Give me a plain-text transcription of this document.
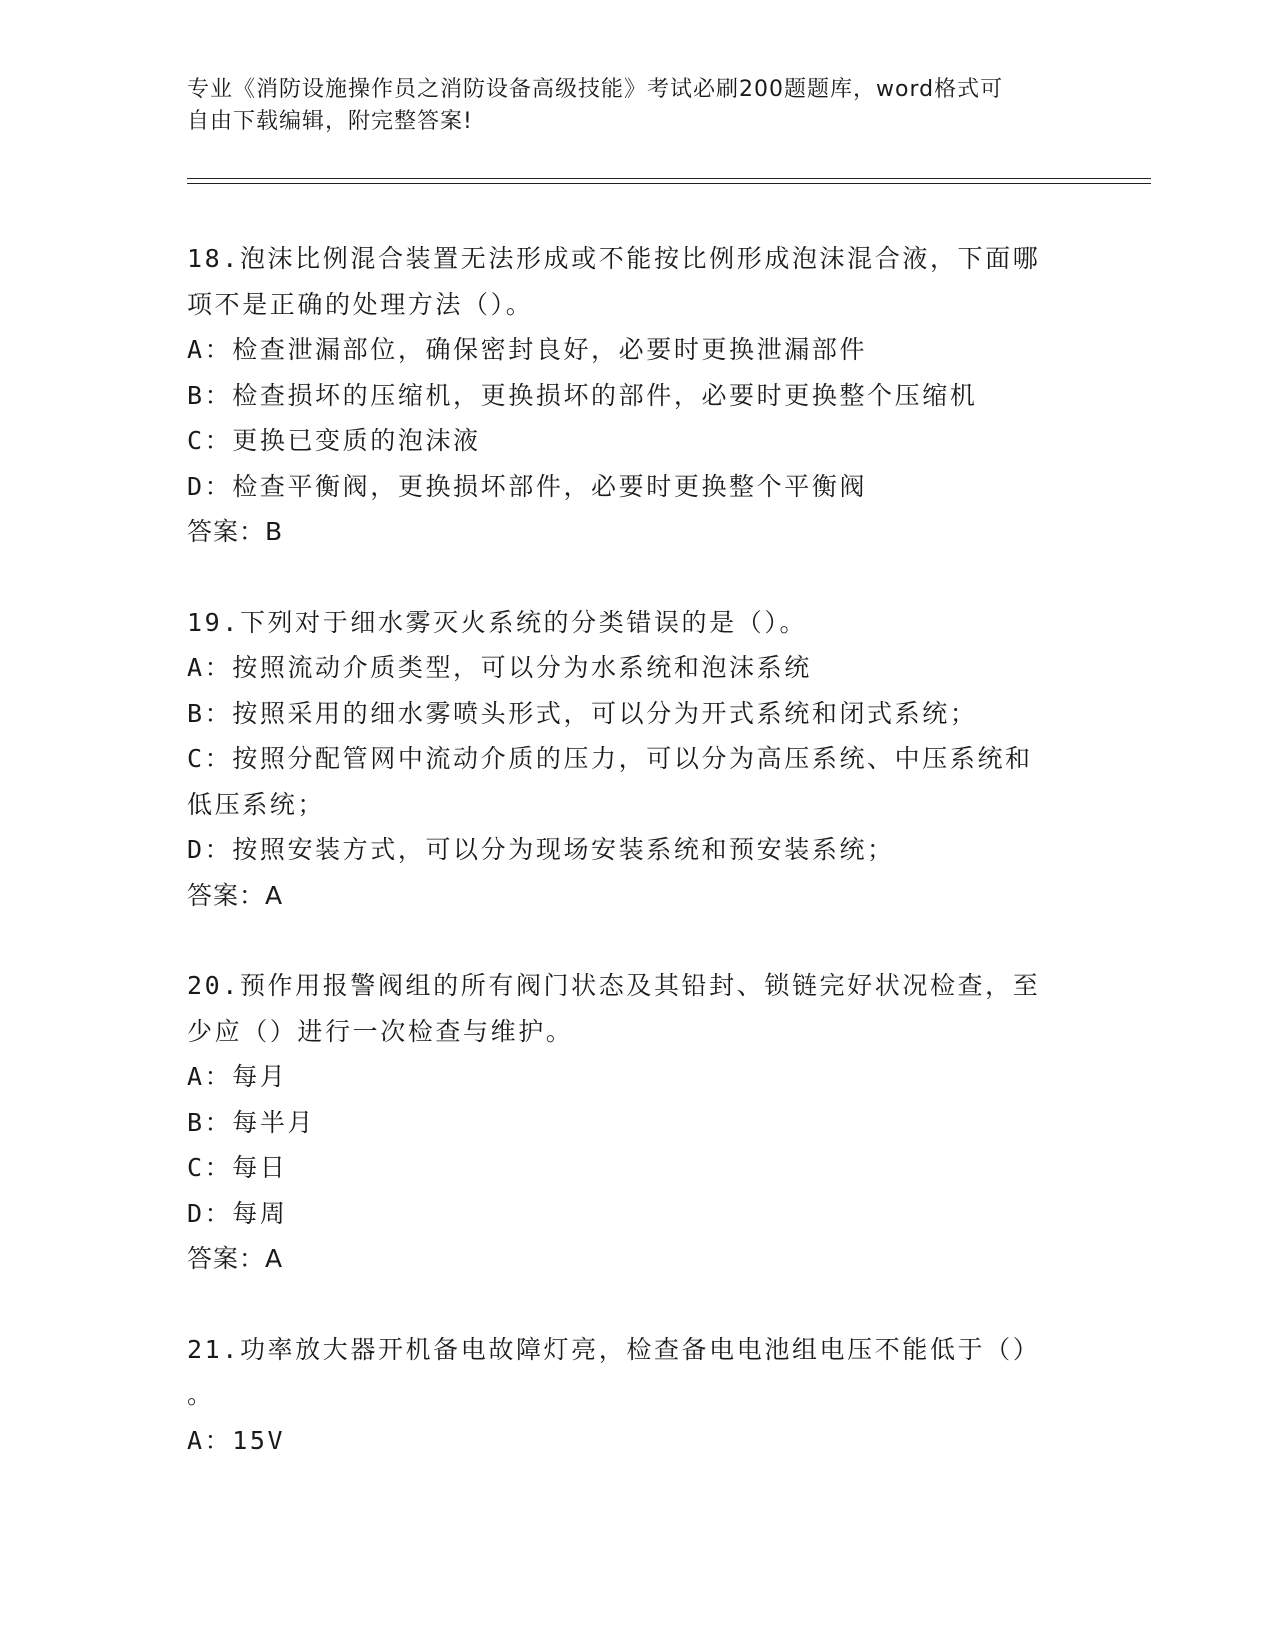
专业《消防设施操作员之消防设备高级技能》考试必刷200题题库，word格式可
自由下载编辑，附完整答案!

18.泡沫比例混合装置无法形成或不能按比例形成泡沫混合液，下面哪

项不是正确的处理方法（）。

A：检查泄漏部位，确保密封良好，必要时更换泄漏部件

B：检查损坏的压缩机，更换损坏的部件，必要时更换整个压缩机

C：更换已变质的泡沫液

D：检查平衡阀，更换损坏部件，必要时更换整个平衡阀

答案：B

19.下列对于细水雾灭火系统的分类错误的是（）。

A：按照流动介质类型，可以分为水系统和泡沫系统

B：按照采用的细水雾喷头形式，可以分为开式系统和闭式系统；

C：按照分配管网中流动介质的压力，可以分为高压系统、中压系统和

低压系统；

D：按照安装方式，可以分为现场安装系统和预安装系统；

答案：A

20.预作用报警阀组的所有阀门状态及其铅封、锁链完好状况检查，至

少应（）进行一次检查与维护。

A：每月

B：每半月

C：每日

D：每周

答案：A

21.功率放大器开机备电故障灯亮，检查备电电池组电压不能低于（）

。

A：15V
